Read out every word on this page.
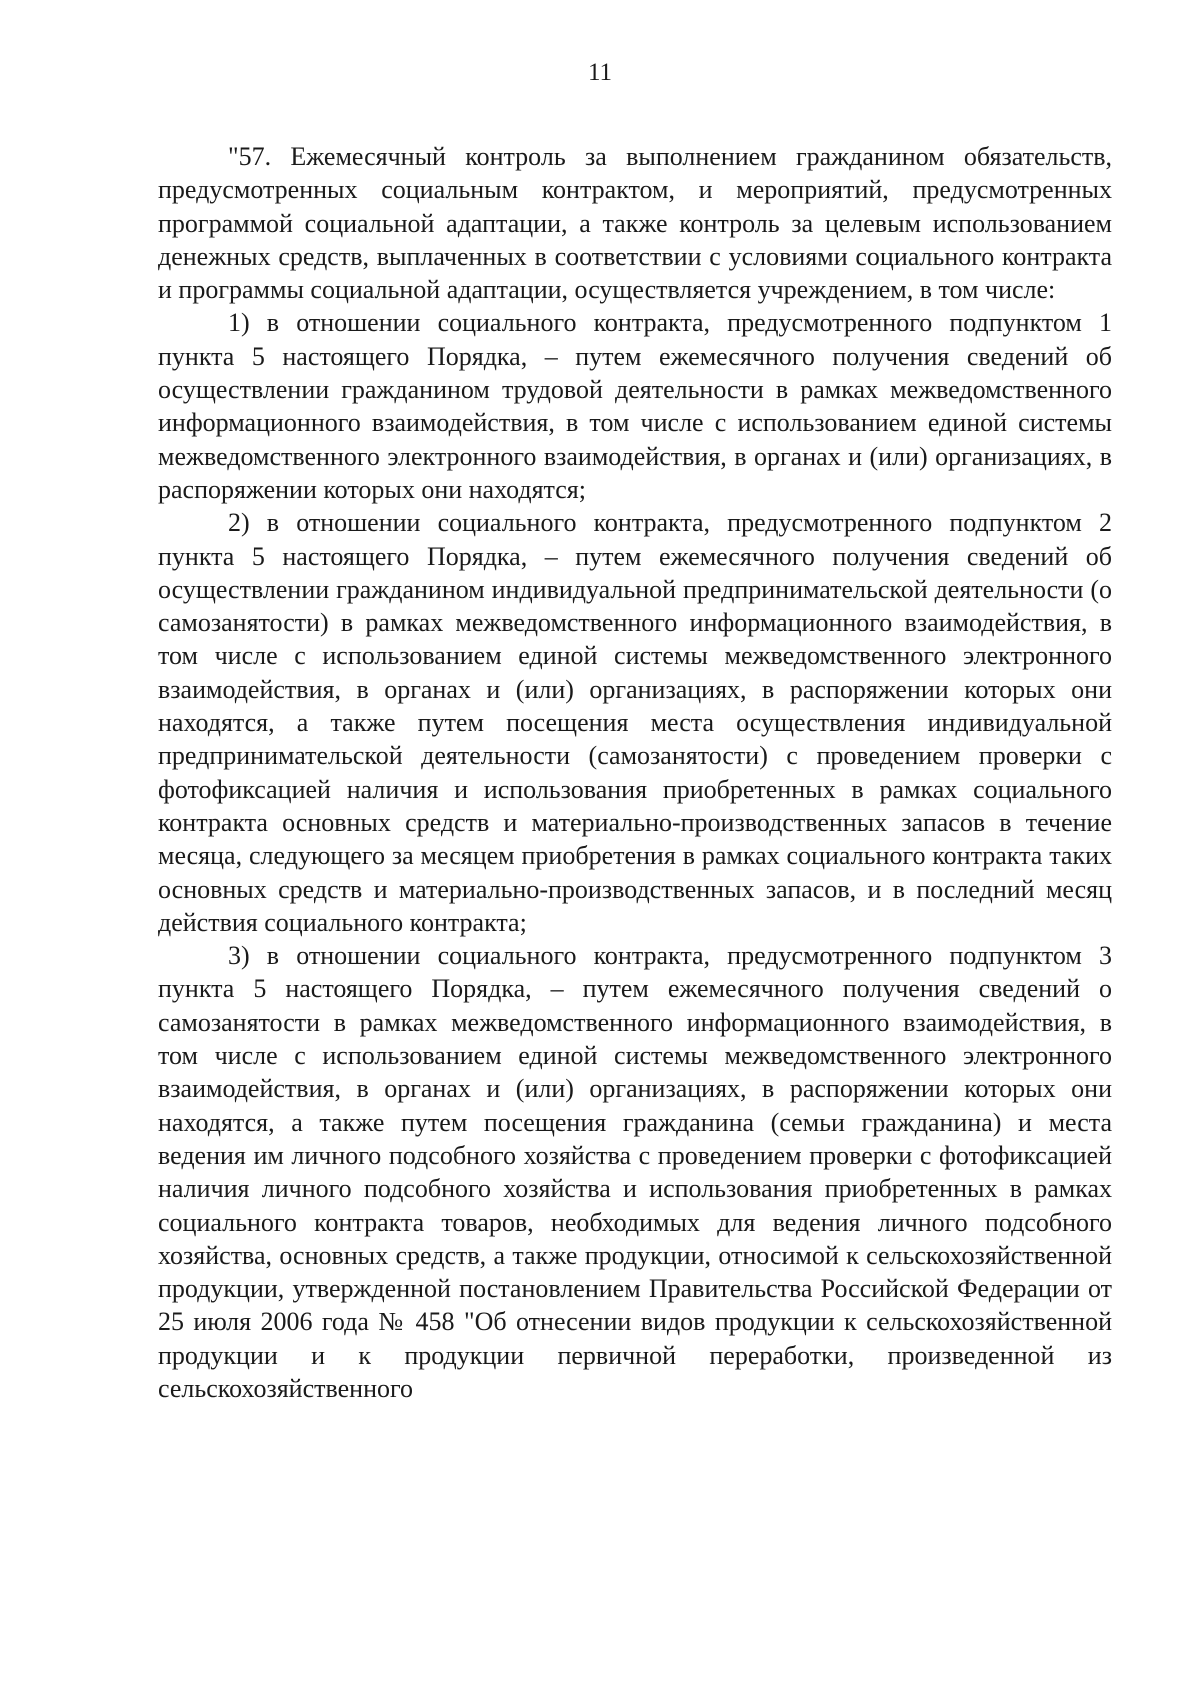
11

"57. Ежемесячный контроль за выполнением гражданином обязательств, предусмотренных социальным контрактом, и мероприятий, предусмотренных программой социальной адаптации, а также контроль за целевым использованием денежных средств, выплаченных в соответствии с условиями социального контракта и программы социальной адаптации, осуществляется учреждением, в том числе:

1) в отношении социального контракта, предусмотренного подпунктом 1 пункта 5 настоящего Порядка, – путем ежемесячного получения сведений об осуществлении гражданином трудовой деятельности в рамках межведомственного информационного взаимодействия, в том числе с использованием единой системы межведомственного электронного взаимодействия, в органах и (или) организациях, в распоряжении которых они находятся;

2) в отношении социального контракта, предусмотренного подпунктом 2 пункта 5 настоящего Порядка, – путем ежемесячного получения сведений об осуществлении гражданином индивидуальной предпринимательской деятельности (о самозанятости) в рамках межведомственного информационного взаимодействия, в том числе с использованием единой системы межведомственного электронного взаимодействия, в органах и (или) организациях, в распоряжении которых они находятся, а также путем посещения места осуществления индивидуальной предпринимательской деятельности (самозанятости) с проведением проверки с фотофиксацией наличия и использования приобретенных в рамках социального контракта основных средств и материально-производственных запасов в течение месяца, следующего за месяцем приобретения в рамках социального контракта таких основных средств и материально-производственных запасов, и в последний месяц действия социального контракта;

3) в отношении социального контракта, предусмотренного подпунктом 3 пункта 5 настоящего Порядка, – путем ежемесячного получения сведений о самозанятости в рамках межведомственного информационного взаимодействия, в том числе с использованием единой системы межведомственного электронного взаимодействия, в органах и (или) организациях, в распоряжении которых они находятся, а также путем посещения гражданина (семьи гражданина) и места ведения им личного подсобного хозяйства с проведением проверки с фотофиксацией наличия личного подсобного хозяйства и использования приобретенных в рамках социального контракта товаров, необходимых для ведения личного подсобного хозяйства, основных средств, а также продукции, относимой к сельскохозяйственной продукции, утвержденной постановлением Правительства Российской Федерации от 25 июля 2006 года № 458 "Об отнесении видов продукции к сельскохозяйственной продукции и к продукции первичной переработки, произведенной из сельскохозяйственного
